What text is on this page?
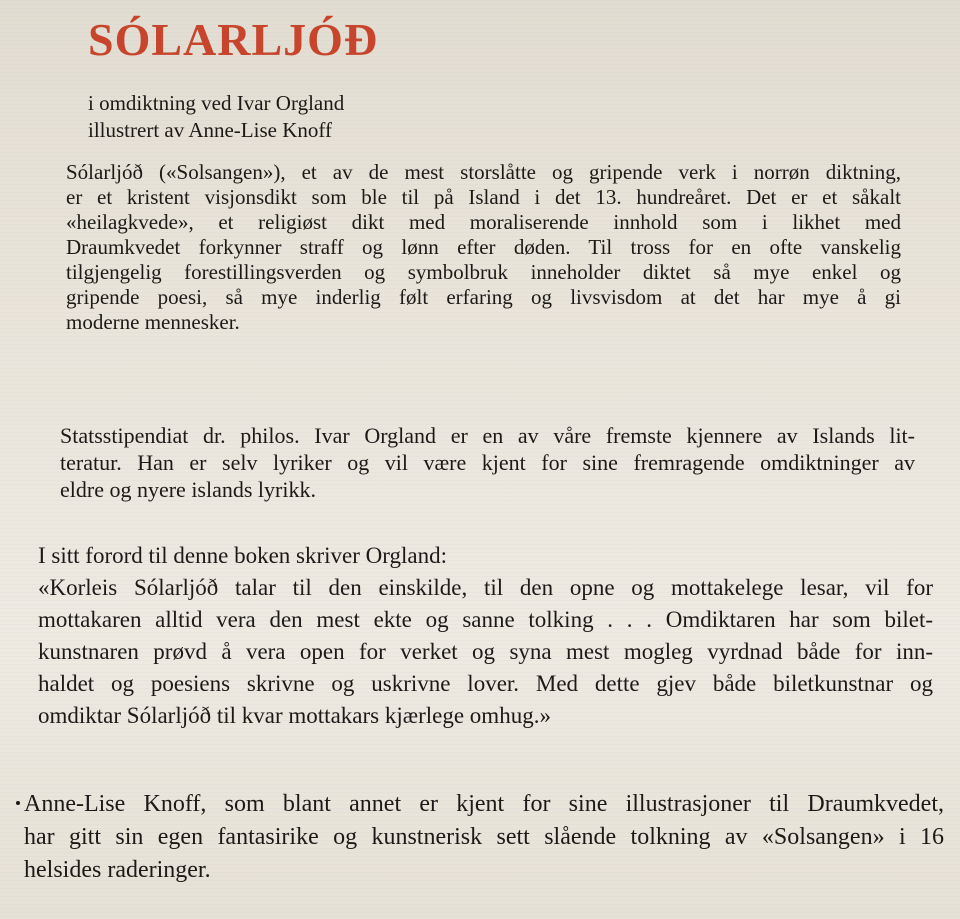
SÓLARLJÓÐ

i omdiktning ved Ivar Orgland

illustrert av Anne-Lise Knoff

Sólarljóð («Solsangen»), et av de mest storslåtte og gripende verk i norrøn diktning,
er et kristent visjonsdikt som ble til på Island i det 13. hundreåret. Det er et såkalt
«heilagkvede», et religiøst dikt med moraliserende innhold som i likhet med
Draumkvedet forkynner straff og lønn efter døden. Til tross for en ofte vanskelig
tilgjengelig forestillingsverden og symbolbruk inneholder diktet så mye enkel og
gripende poesi, så mye inderlig følt erfaring og livsvisdom at det har mye å gi
moderne mennesker.
Statsstipendiat dr. philos. Ivar Orgland er en av våre fremste kjennere av Islands lit-
teratur. Han er selv lyriker og vil være kjent for sine fremragende omdiktninger av
eldre og nyere islands lyrikk.
I sitt forord til denne boken skriver Orgland:
«Korleis Sólarljóð talar til den einskilde, til den opne og mottakelege lesar, vil for
mottakaren alltid vera den mest ekte og sanne tolking . . . Omdiktaren har som bilet-
kunstnaren prøvd å vera open for verket og syna mest mogleg vyrdnad både for inn-
haldet og poesiens skrivne og uskrivne lover. Med dette gjev både biletkunstnar og
omdiktar Sólarljóð til kvar mottakars kjærlege omhug.»
Anne-Lise Knoff, som blant annet er kjent for sine illustrasjoner til Draumkvedet,
har gitt sin egen fantasirike og kunstnerisk sett slående tolkning av «Solsangen» i 16
helsides raderinger.
